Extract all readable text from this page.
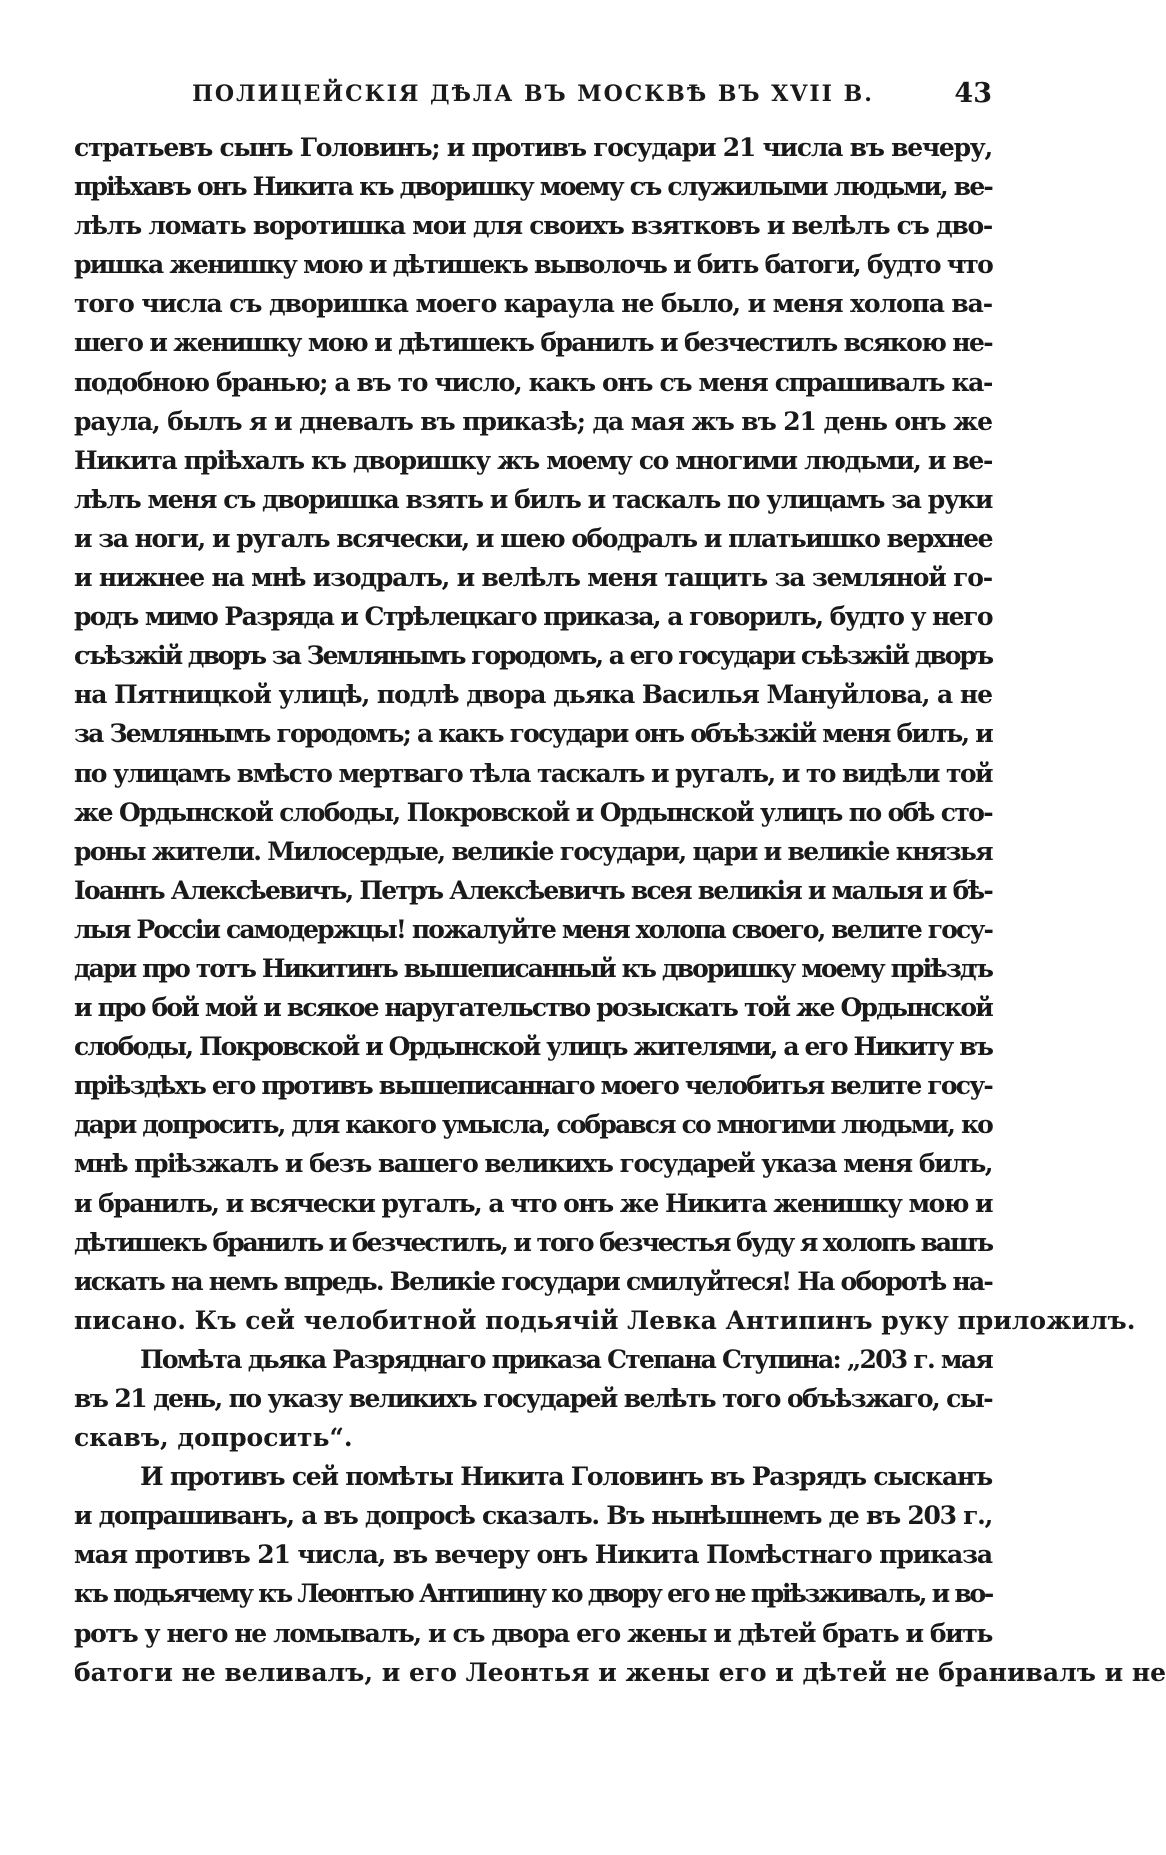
ПОЛИЦЕЙСКІЯ ДѢЛА ВЪ МОСКВѢ ВЪ XVII В.	43
стратьевъ сынъ Головинъ; и противъ государи 21 числа въ вечеру,
пріѣхавъ онъ Никита къ дворишку моему съ служилыми людьми, ве-
лѣлъ ломать воротишка мои для своихъ взятковъ и велѣлъ съ дво-
ришка женишку мою и дѣтишекъ выволочь и бить батоги, будто что
того числа съ дворишка моего караула не было, и меня холопа ва-
шего и женишку мою и дѣтишекъ бранилъ и безчестилъ всякою не-
подобною бранью; а въ то число, какъ онъ съ меня спрашивалъ ка-
раула, былъ я и дневалъ въ приказѣ; да мая жъ въ 21 день онъ же
Никита пріѣхалъ къ дворишку жъ моему со многими людьми, и ве-
лѣлъ меня съ дворишка взять и билъ и таскалъ по улицамъ за руки
и за ноги, и ругалъ всячески, и шею ободралъ и платьишко верхнее
и нижнее на мнѣ изодралъ, и велѣлъ меня тащить за земляной го-
родъ мимо Разряда и Стрѣлецкаго приказа, а говорилъ, будто у него
съѣзжій дворъ за Землянымъ городомъ, а его государи съѣзжій дворъ
на Пятницкой улицѣ, подлѣ двора дьяка Василья Мануйлова, а не
за Землянымъ городомъ; а какъ государи онъ объѣзжій меня билъ, и
по улицамъ вмѣсто мертваго тѣла таскалъ и ругалъ, и то видѣли той
же Ордынской слободы, Покровской и Ордынской улицъ по обѣ сто-
роны жители. Милосердые, великіе государи, цари и великіе князья
Іоаннъ Алексѣевичъ, Петръ Алексѣевичъ всея великія и малыя и бѣ-
лыя Россіи самодержцы! пожалуйте меня холопа своего, велите госу-
дари про тотъ Никитинъ вышеписанный къ дворишку моему пріѣздъ
и про бой мой и всякое наругательство розыскать той же Ордынской
слободы, Покровской и Ордынской улицъ жителями, а его Никиту въ
пріѣздѣхъ его противъ вышеписаннаго моего челобитья велите госу-
дари допросить, для какого умысла, собрався со многими людьми, ко
мнѣ пріѣзжалъ и безъ вашего великихъ государей указа меня билъ,
и бранилъ, и всячески ругалъ, а что онъ же Никита женишку мою и
дѣтишекъ бранилъ и безчестилъ, и того безчестья буду я холопъ вашъ
искать на немъ впредь. Великіе государи смилуйтеся! На оборотѣ на-
писано. Къ сей челобитной подьячій Левка Антипинъ руку приложилъ.
Помѣта дьяка Разряднаго приказа Степана Ступина: „203 г. мая
въ 21 день, по указу великихъ государей велѣть того объѣзжаго, сы-
скавъ, допросить“.
И противъ сей помѣты Никита Головинъ въ Разрядъ сысканъ
и допрашиванъ, а въ допросѣ сказалъ. Въ нынѣшнемъ де въ 203 г.,
мая противъ 21 числа, въ вечеру онъ Никита Помѣстнаго приказа
къ подьячему къ Леонтью Антипину ко двору его не пріѣзживалъ, и во-
ротъ у него не ломывалъ, и съ двора его жены и дѣтей брать и бить
батоги не веливалъ, и его Леонтья и жены его и дѣтей не бранивалъ и не
